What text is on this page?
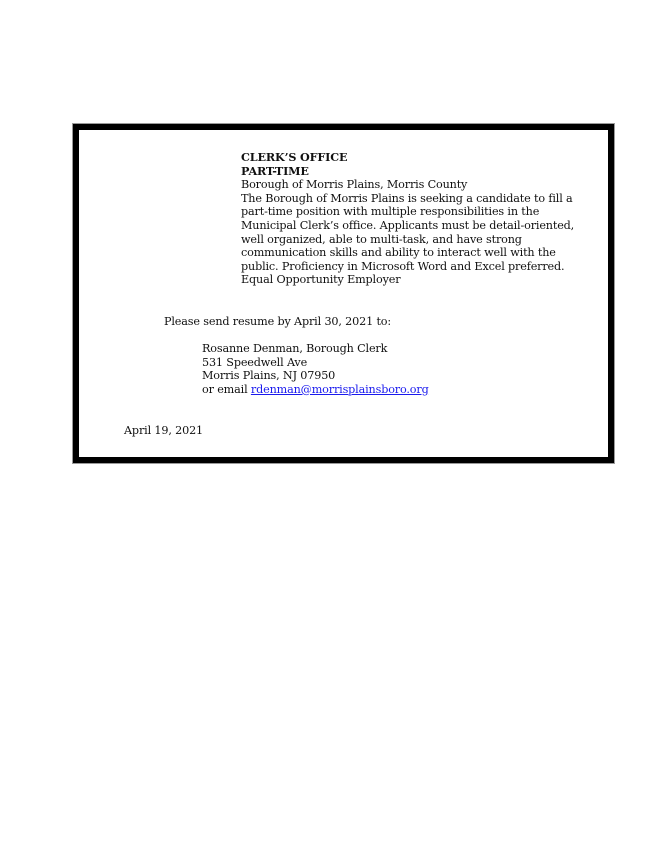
CLERK’S OFFICE
PART-TIME
Borough of Morris Plains, Morris County
The Borough of Morris Plains is seeking a candidate to fill a
part-time position with multiple responsibilities in the
Municipal Clerk’s office. Applicants must be detail-oriented,
well organized, able to multi-task, and have strong
communication skills and ability to interact well with the
public. Proficiency in Microsoft Word and Excel preferred.
Equal Opportunity Employer
Please send resume by April 30, 2021 to:
Rosanne Denman, Borough Clerk
531 Speedwell Ave
Morris Plains, NJ 07950
or email rdenman@morrisplainsboro.org
April 19, 2021
